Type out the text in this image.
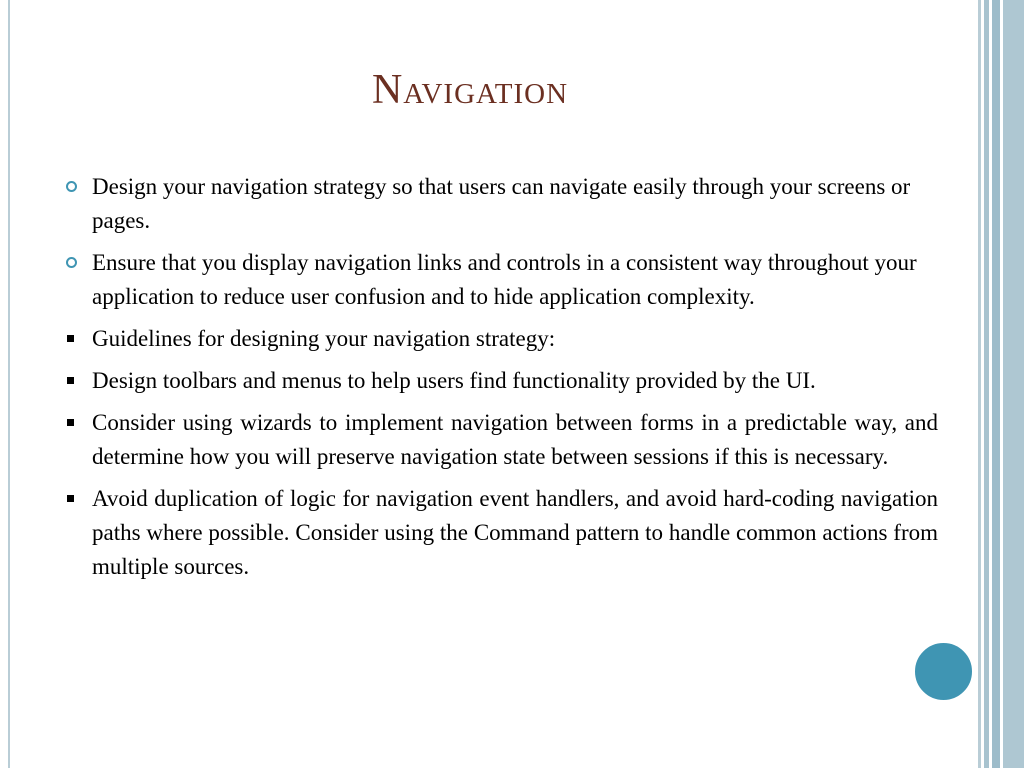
Navigation
Design your navigation strategy so that users can navigate easily through your screens or pages.
Ensure that you display navigation links and controls in a consistent way throughout your application to reduce user confusion and to hide application complexity.
Guidelines for designing your navigation strategy:
Design toolbars and menus to help users find functionality provided by the UI.
Consider using wizards to implement navigation between forms in a predictable way, and determine how you will preserve navigation state between sessions if this is necessary.
Avoid duplication of logic for navigation event handlers, and avoid hard-coding navigation paths where possible. Consider using the Command pattern to handle common actions from multiple sources.
